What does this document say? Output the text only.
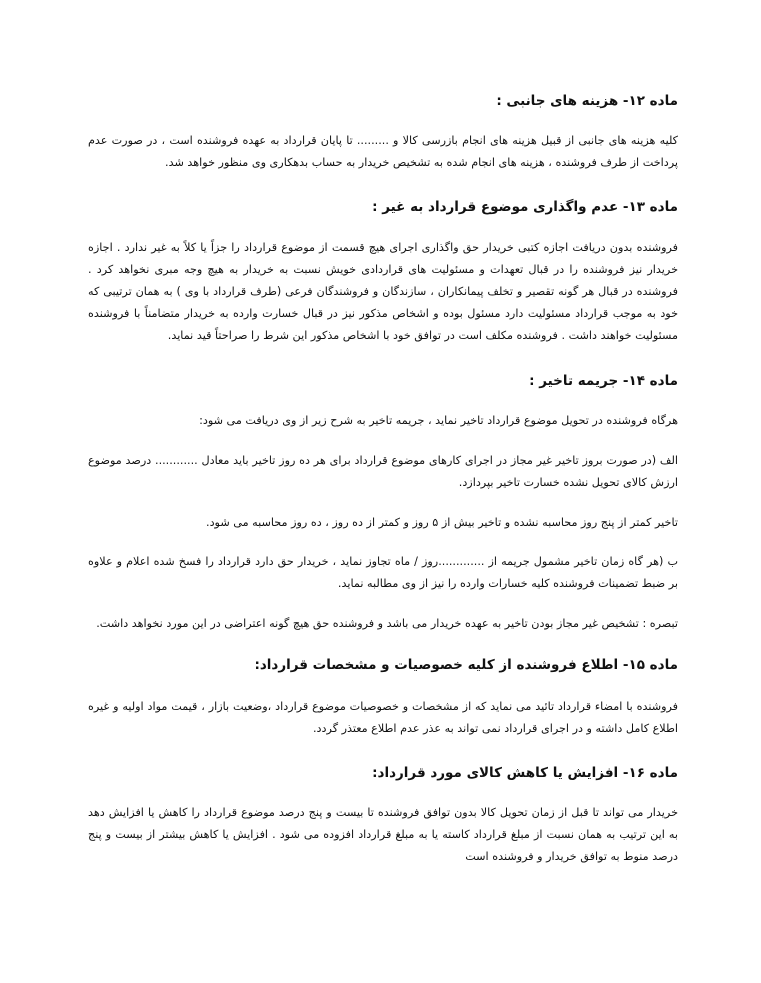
ماده ۱۲- هزینه های جانبی :
کلیه هزینه های جانبی از قبیل هزینه های انجام بازرسی کالا و ......... تا پایان قرارداد به عهده فروشنده است ، در صورت عدم پرداخت از طرف فروشنده ، هزینه های انجام شده به تشخیص خریدار به حساب بدهکاری وی منظور خواهد شد.
ماده ۱۳- عدم واگذاری موضوع قرارداد به غیر :
فروشنده بدون دریافت اجازه کتبی خریدار حق واگذاری اجرای هیچ قسمت از موضوع قرارداد را جزاً یا کلاً به غیر ندارد . اجازه خریدار نیز فروشنده را در قبال تعهدات و مسئولیت های قراردادی خویش نسبت به خریدار به هیچ وجه مبری نخواهد کرد . فروشنده در قبال هر گونه تقصیر و تخلف پیمانکاران ، سازندگان و فروشندگان فرعی (طرف قرارداد با وی ) به همان ترتیبی که خود به موجب قرارداد مسئولیت دارد مسئول بوده و اشخاص مذکور نیز در قبال خسارت وارده به خریدار متضامناً با فروشنده مسئولیت خواهند داشت . فروشنده مکلف است در توافق خود با اشخاص مذکور این شرط را صراحتاً قید نماید.
ماده ۱۴- جریمه تاخیر :
هرگاه فروشنده در تحویل موضوع قرارداد تاخیر نماید ، جریمه تاخیر به شرح زیر از وی دریافت می شود:
الف (در صورت بروز تاخیر غیر مجاز در اجرای کارهای موضوع قرارداد برای هر ده روز تاخیر باید معادل ............ درصد موضوع ارزش کالای تحویل نشده خسارت تاخیر بپردازد.
تاخیر کمتر از پنج روز محاسبه نشده و تاخیر بیش از ۵ روز و کمتر از ده روز ، ده روز محاسبه می شود.
ب (هر گاه زمان تاخیر مشمول جریمه از .............روز / ماه تجاوز نماید ، خریدار حق دارد قرارداد را فسخ شده اعلام و علاوه بر ضبط تضمینات فروشنده کلیه خسارات وارده را نیز از وی مطالبه نماید.
تبصره : تشخیص غیر مجاز بودن تاخیر به عهده خریدار می باشد و فروشنده حق هیچ گونه اعتراضی در این مورد نخواهد داشت.
ماده ۱۵- اطلاع فروشنده از کلیه خصوصیات و مشخصات قرارداد:
فروشنده با امضاء قرارداد تائید می نماید که از مشخصات و خصوصیات موضوع قرارداد ،وضعیت بازار ، قیمت مواد اولیه و غیره اطلاع کامل داشته و در اجرای قرارداد نمی تواند به عذر عدم اطلاع معتذر گردد.
ماده ۱۶- افزایش یا کاهش کالای مورد قرارداد:
خریدار می تواند تا قبل از زمان تحویل کالا بدون توافق فروشنده تا بیست و پنج درصد موضوع قرارداد را کاهش یا افزایش دهد به این ترتیب به همان نسبت از مبلغ قرارداد کاسته یا به مبلغ قرارداد افزوده می شود . افزایش یا کاهش بیشتر از بیست و پنج درصد منوط به توافق خریدار و فروشنده است
